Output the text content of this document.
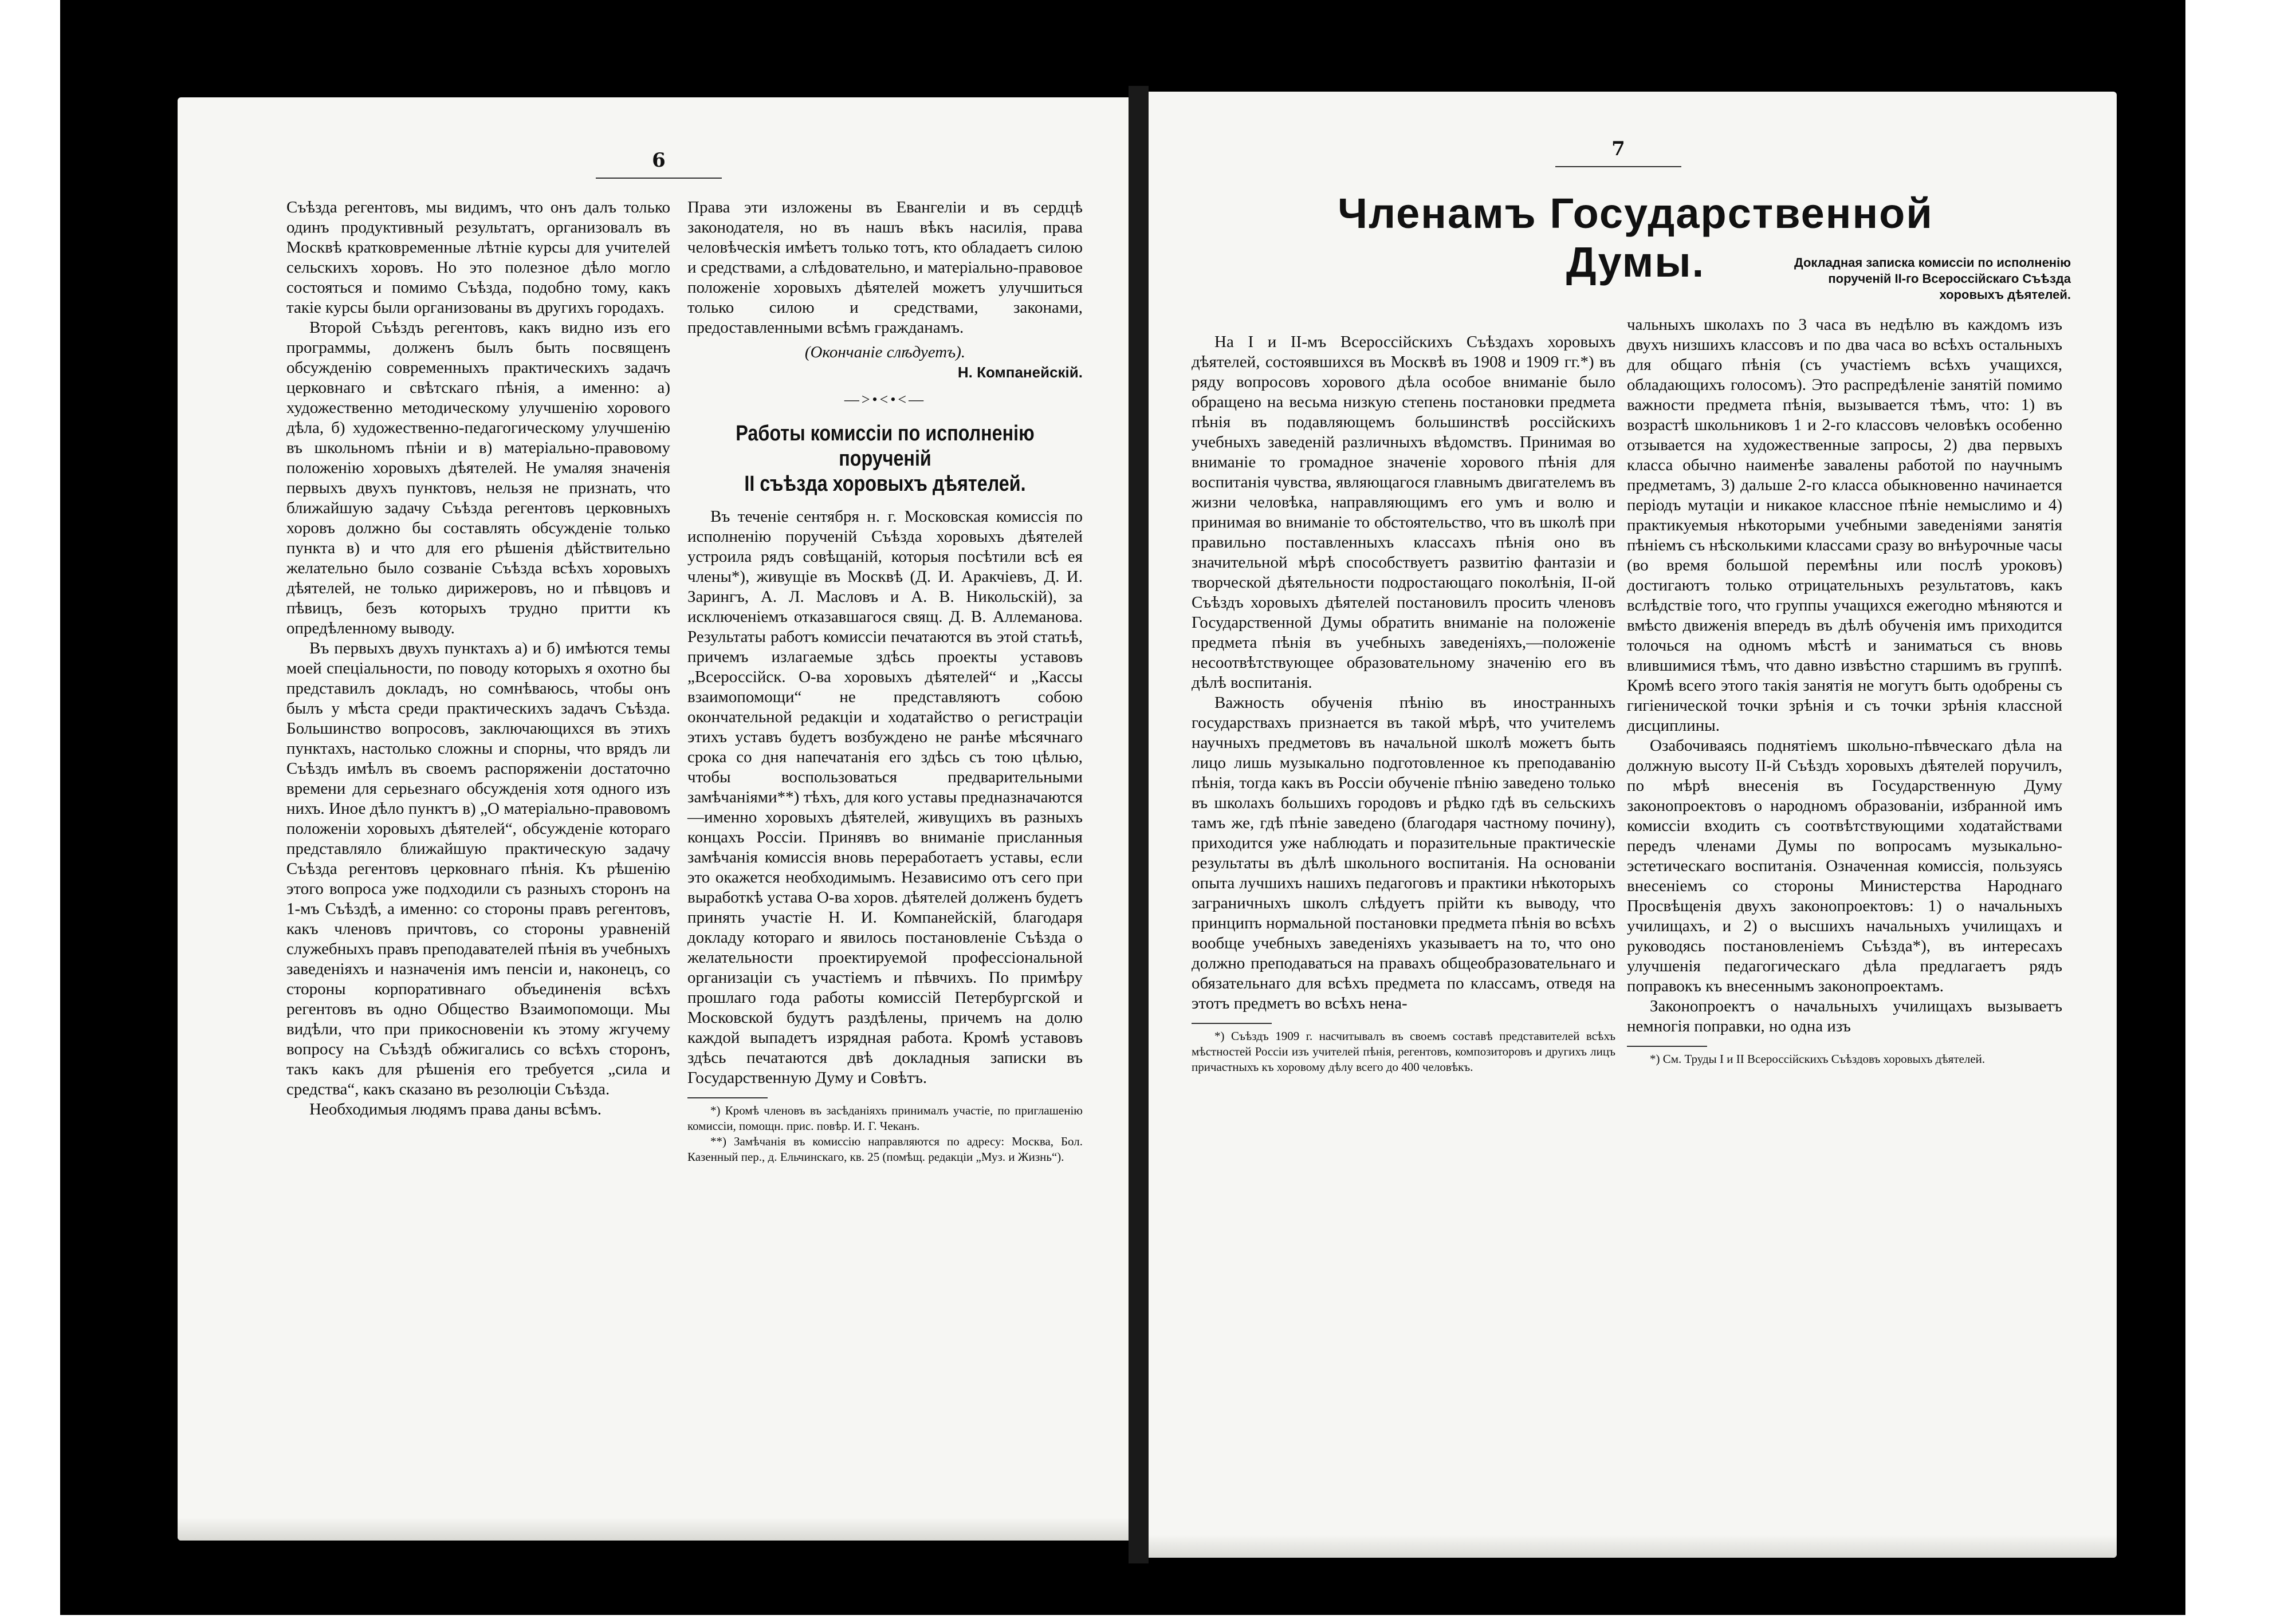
6

Съѣзда регентовъ, мы видимъ, что онъ далъ только одинъ продуктивный результатъ, организовалъ въ Москвѣ кратковременные лѣтніе курсы для учителей сельскихъ хоровъ. Но это полезное дѣло могло состояться и помимо Съѣзда, подобно тому, какъ такіе курсы были организованы въ другихъ городахъ.

Второй Съѣздъ регентовъ, какъ видно изъ его программы, долженъ былъ быть посвященъ обсужденію современныхъ практическихъ задачъ церковнаго и свѣтскаго пѣнія, а именно: а) художественно методическому улучшенію хорового дѣла, б) художественно-педагогическому улучшенію въ школьномъ пѣніи и в) матеріально-правовому положенію хоровыхъ дѣятелей. Не умаляя значенія первыхъ двухъ пунктовъ, нельзя не признать, что ближайшую задачу Съѣзда регентовъ церковныхъ хоровъ должно бы составлять обсужденіе только пункта в) и что для его рѣшенія дѣйствительно желательно было созваніе Съѣзда всѣхъ хоровыхъ дѣятелей, не только дирижеровъ, но и пѣвцовъ и пѣвицъ, безъ которыхъ трудно притти къ опредѣленному выводу.

Въ первыхъ двухъ пунктахъ а) и б) имѣются темы моей спеціальности, по поводу которыхъ я охотно бы представилъ докладъ, но сомнѣваюсь, чтобы онъ былъ у мѣста среди практическихъ задачъ Съѣзда. Большинство вопросовъ, заключающихся въ этихъ пунктахъ, настолько сложны и спорны, что врядъ ли Съѣздъ имѣлъ въ своемъ распоряженіи достаточно времени для серьезнаго обсужденія хотя одного изъ нихъ. Иное дѣло пунктъ в) „О матеріально-правовомъ положеніи хоровыхъ дѣятелей“, обсужденіе котораго представляло ближайшую практическую задачу Съѣзда регентовъ церковнаго пѣнія. Къ рѣшенію этого вопроса уже подходили съ разныхъ сторонъ на 1-мъ Съѣздѣ, а именно: со стороны правъ регентовъ, какъ членовъ причтовъ, со стороны уравненій служебныхъ правъ преподавателей пѣнія въ учебныхъ заведеніяхъ и назначенія имъ пенсіи и, наконецъ, со стороны корпоративнаго объединенія всѣхъ регентовъ въ одно Общество Взаимопомощи. Мы видѣли, что при прикосновеніи къ этому жгучему вопросу на Съѣздѣ обжигались со всѣхъ сторонъ, такъ какъ для рѣшенія его требуется „сила и средства“, какъ сказано въ резолюціи Съѣзда.

Необходимыя людямъ права даны всѣмъ.

Права эти изложены въ Евангеліи и въ сердцѣ законодателя, но въ нашъ вѣкъ насилія, права человѣческія имѣетъ только тотъ, кто обладаетъ силою и средствами, а слѣдовательно, и матеріально-правовое положеніе хоровыхъ дѣятелей можетъ улучшиться только силою и средствами, законами, предоставленными всѣмъ гражданамъ.

(Окончаніе слѣдуетъ).
Н. Компанейскій.
—>•<•<—
Работы комиссіи по исполненію порученій
II съѣзда хоровыхъ дѣятелей.

Въ теченіе сентября н. г. Московская комиссія по исполненію порученій Съѣзда хоровыхъ дѣятелей устроила рядъ совѣщаній, которыя посѣтили всѣ ея члены*), живущіе въ Москвѣ (Д. И. Аракчіевъ, Д. И. Зарингъ, А. Л. Масловъ и А. В. Никольскій), за исключеніемъ отказавшагося свящ. Д. В. Аллеманова. Результаты работъ комиссіи печатаются въ этой статьѣ, причемъ излагаемые здѣсь проекты уставовъ „Всероссійск. О-ва хоровыхъ дѣятелей“ и „Кассы взаимопомощи“ не представляютъ собою окончательной редакціи и ходатайство о регистраціи этихъ уставъ будетъ возбуждено не ранѣе мѣсячнаго срока со дня напечатанія его здѣсь съ тою цѣлью, чтобы воспользоваться предварительными замѣчаніями**) тѣхъ, для кого уставы предназначаются—именно хоровыхъ дѣятелей, живущихъ въ разныхъ концахъ Россіи. Принявъ во вниманіе присланныя замѣчанія комиссія вновь переработаетъ уставы, если это окажется необходимымъ. Независимо отъ сего при выработкѣ устава О-ва хоров. дѣятелей долженъ будетъ принять участіе Н. И. Компанейскій, благодаря докладу котораго и явилось постановленіе Съѣзда о желательности проектируемой профессіональной организаціи съ участіемъ и пѣвчихъ. По примѣру прошлаго года работы комиссій Петербургской и Московской будутъ раздѣлены, причемъ на долю каждой выпадетъ изрядная работа. Кромѣ уставовъ здѣсь печатаются двѣ докладныя записки въ Государственную Думу и Совѣтъ.

*) Кромѣ членовъ въ засѣданіяхъ принималъ участіе, по приглашенію комиссіи, помощн. прис. повѣр. И. Г. Чеканъ.

**) Замѣчанія въ комиссію направляются по адресу: Москва, Бол. Казенный пер., д. Ельчинскаго, кв. 25 (помѣщ. редакціи „Муз. и Жизнь“).

7
Членамъ Государственной Думы.	Докладная записка комиссіи по исполненію порученій II-го Всероссійскаго Съѣзда хоровыхъ дѣятелей.

На I и II-мъ Всероссійскихъ Съѣздахъ хоровыхъ дѣятелей, состоявшихся въ Москвѣ въ 1908 и 1909 гг.*) въ ряду вопросовъ хорового дѣла особое вниманіе было обращено на весьма низкую степень постановки предмета пѣнія въ подавляющемъ большинствѣ россійскихъ учебныхъ заведеній различныхъ вѣдомствъ. Принимая во вниманіе то громадное значеніе хорового пѣнія для воспитанія чувства, являющагося главнымъ двигателемъ въ жизни человѣка, направляющимъ его умъ и волю и принимая во вниманіе то обстоятельство, что въ школѣ при правильно поставленныхъ классахъ пѣнія оно въ значительной мѣрѣ способствуетъ развитію фантазіи и творческой дѣятельности подростающаго поколѣнія, II-ой Съѣздъ хоровыхъ дѣятелей постановилъ просить членовъ Государственной Думы обратить вниманіе на положеніе предмета пѣнія въ учебныхъ заведеніяхъ,—положеніе несоотвѣтствующее образовательному значенію его въ дѣлѣ воспитанія.

Важность обученія пѣнію въ иностранныхъ государствахъ признается въ такой мѣрѣ, что учителемъ научныхъ предметовъ въ начальной школѣ можетъ быть лицо лишь музыкально подготовленное къ преподаванію пѣнія, тогда какъ въ Россіи обученіе пѣнію заведено только въ школахъ большихъ городовъ и рѣдко гдѣ въ сельскихъ тамъ же, гдѣ пѣніе заведено (благодаря частному почину), приходится уже наблюдать и поразительные практическіе результаты въ дѣлѣ школьного воспитанія. На основаніи опыта лучшихъ нашихъ педагоговъ и практики нѣкоторыхъ заграничныхъ школъ слѣдуетъ прійти къ выводу, что принципъ нормальной постановки предмета пѣнія во всѣхъ вообще учебныхъ заведеніяхъ указываетъ на то, что оно должно преподаваться на правахъ общеобразовательнаго и обязательнаго для всѣхъ предмета по классамъ, отведя на этотъ предметъ во всѣхъ нена-

*) Съѣздъ 1909 г. насчитывалъ въ своемъ составѣ представителей всѣхъ мѣстностей Россіи изъ учителей пѣнія, регентовъ, композиторовъ и другихъ лицъ причастныхъ къ хоровому дѣлу всего до 400 человѣкъ.

чальныхъ школахъ по 3 часа въ недѣлю въ каждомъ изъ двухъ низшихъ классовъ и по два часа во всѣхъ остальныхъ для общаго пѣнія (съ участіемъ всѣхъ учащихся, обладающихъ голосомъ). Это распредѣленіе занятій помимо важности предмета пѣнія, вызывается тѣмъ, что: 1) въ возрастѣ школьниковъ 1 и 2-го классовъ человѣкъ особенно отзывается на художественные запросы, 2) два первыхъ класса обычно наименѣе завалены работой по научнымъ предметамъ, 3) дальше 2-го класса обыкновенно начинается періодъ мутаціи и никакое классное пѣніе немыслимо и 4) практикуемыя нѣкоторыми учебными заведеніями занятія пѣніемъ съ нѣсколькими классами сразу во внѣурочные часы (во время большой перемѣны или послѣ уроковъ) достигаютъ только отрицательныхъ результатовъ, какъ вслѣдствіе того, что группы учащихся ежегодно мѣняются и вмѣсто движенія впередъ въ дѣлѣ обученія имъ приходится толочься на одномъ мѣстѣ и заниматься съ вновь влившимися тѣмъ, что давно извѣстно старшимъ въ группѣ. Кромѣ всего этого такія занятія не могутъ быть одобрены съ гигіенической точки зрѣнія и съ точки зрѣнія классной дисциплины.

Озабочиваясь поднятіемъ школьно-пѣвческаго дѣла на должную высоту II-й Съѣздъ хоровыхъ дѣятелей поручилъ, по мѣрѣ внесенія въ Государственную Думу законопроектовъ о народномъ образованіи, избранной имъ комиссіи входить съ соотвѣтствующими ходатайствами передъ членами Думы по вопросамъ музыкально-эстетическаго воспитанія. Означенная комиссія, пользуясь внесеніемъ со стороны Министерства Народнаго Просвѣщенія двухъ законопроектовъ: 1) о начальныхъ училищахъ, и 2) о высшихъ начальныхъ училищахъ и руководясь постановленіемъ Съѣзда*), въ интересахъ улучшенія педагогическаго дѣла предлагаетъ рядъ поправокъ къ внесеннымъ законопроектамъ.

Законопроектъ о начальныхъ училищахъ вызываетъ немногія поправки, но одна изъ

*) См. Труды I и II Всероссійскихъ Съѣздовъ хоровыхъ дѣятелей.
